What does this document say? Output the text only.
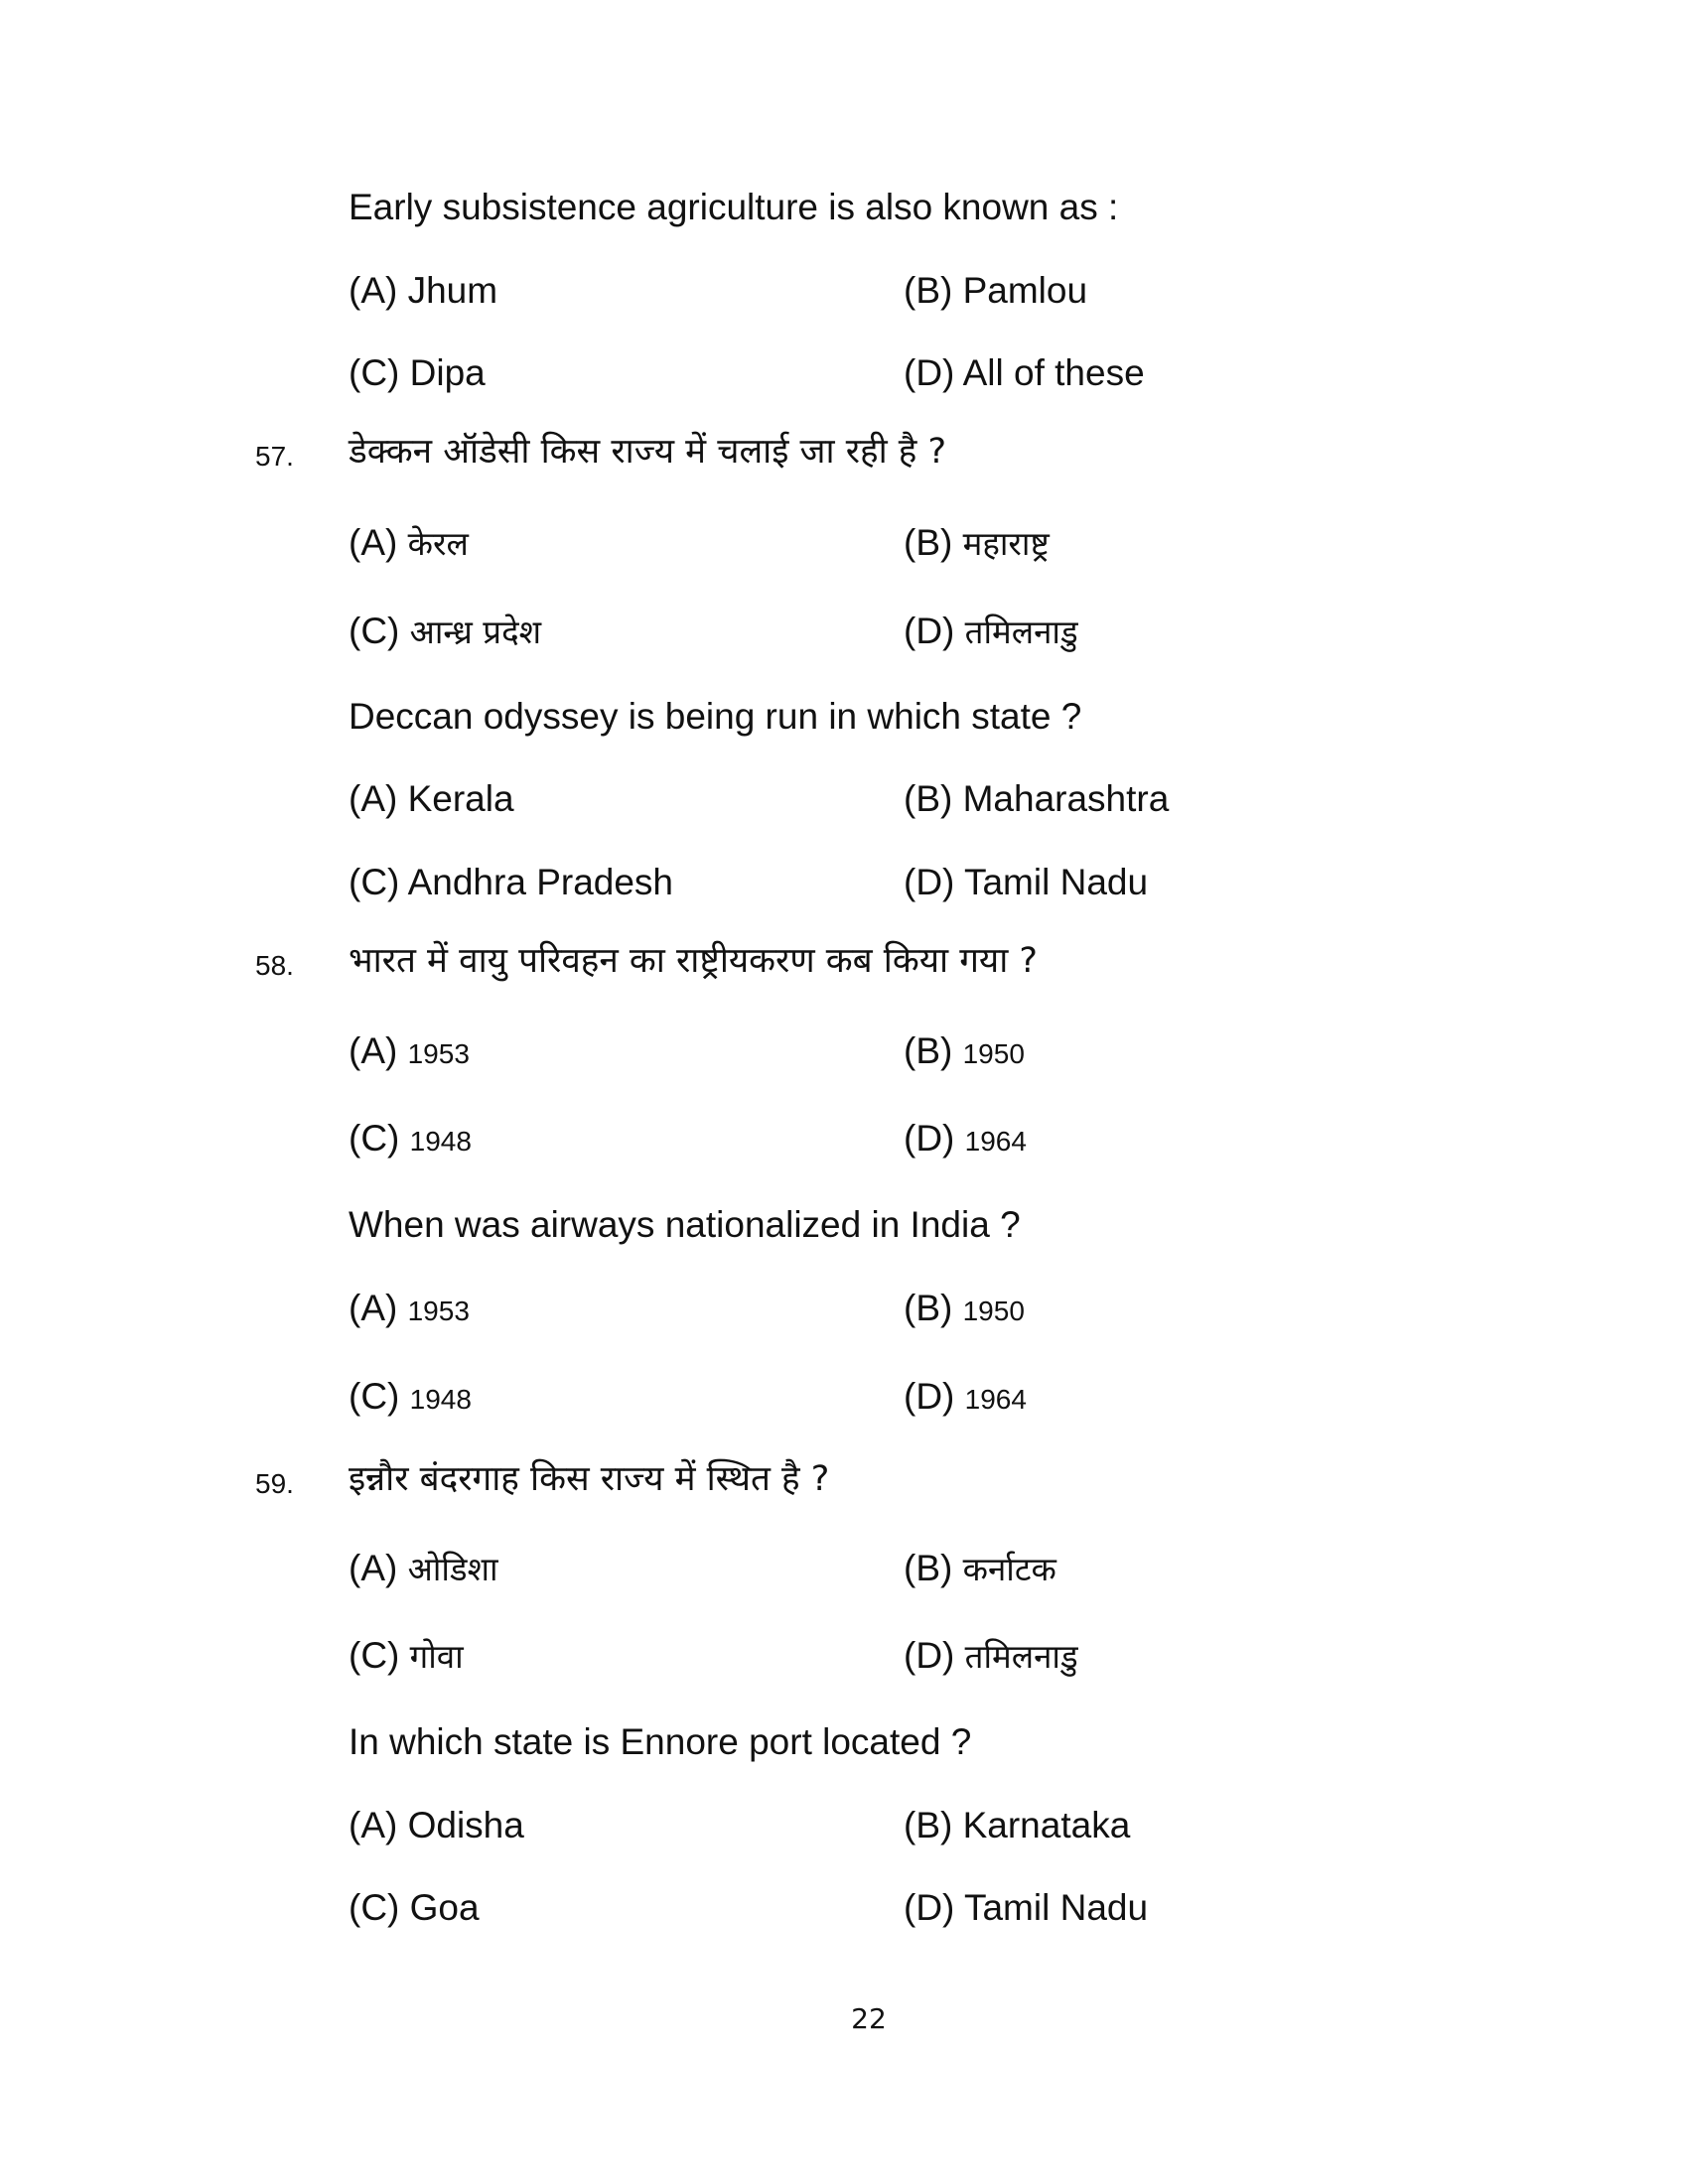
Early subsistence agriculture is also known as :
(A) Jhum	(B) Pamlou
(C) Dipa	(D) All of these
57. डेक्कन ऑडेसी किस राज्य में चलाई जा रही है ?
(A) केरल	(B) महाराष्ट्र
(C) आन्ध्र प्रदेश	(D) तमिलनाडु
Deccan odyssey is being run in which state ?
(A) Kerala	(B) Maharashtra
(C) Andhra Pradesh	(D) Tamil Nadu
58. भारत में वायु परिवहन का राष्ट्रीयकरण कब किया गया ?
(A) 1953	(B) 1950
(C) 1948	(D) 1964
When was airways nationalized in India ?
(A) 1953	(B) 1950
(C) 1948	(D) 1964
59. इन्नौर बंदरगाह किस राज्य में स्थित है ?
(A) ओडिशा	(B) कर्नाटक
(C) गोवा	(D) तमिलनाडु
In which state is Ennore port located ?
(A) Odisha	(B) Karnataka
(C) Goa	(D) Tamil Nadu
22
